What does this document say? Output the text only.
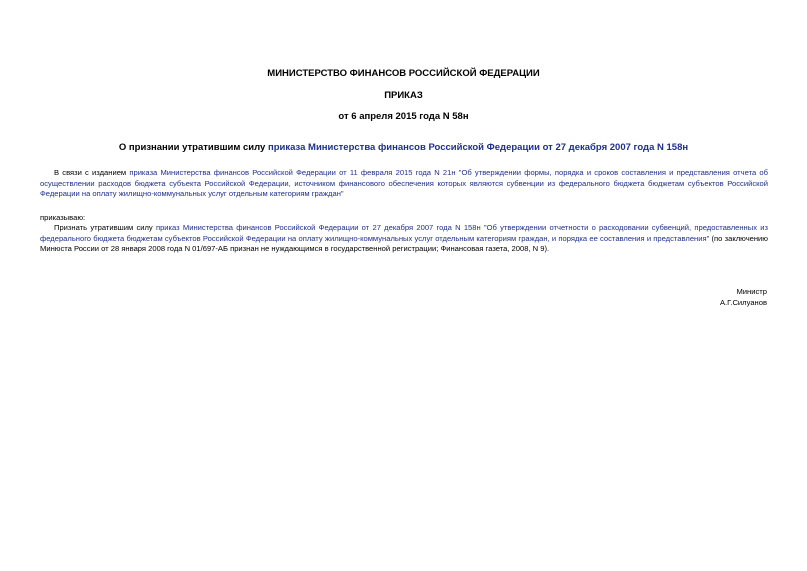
МИНИСТЕРСТВО ФИНАНСОВ РОССИЙСКОЙ ФЕДЕРАЦИИ
ПРИКАЗ
от 6 апреля 2015 года N 58н
О признании утратившим силу приказа Министерства финансов Российской Федерации от 27 декабря 2007 года N 158н

В связи с изданием приказа Министерства финансов Российской Федерации от 11 февраля 2015 года N 21н "Об утверждении формы, порядка и сроков составления и представления отчета об осуществлении расходов бюджета субъекта Российской Федерации, источником финансового обеспечения которых являются субвенции из федерального бюджета бюджетам субъектов Российской Федерации на оплату жилищно-коммунальных услуг отдельным категориям граждан"

приказываю:

Признать утратившим силу приказ Министерства финансов Российской Федерации от 27 декабря 2007 года N 158н "Об утверждении отчетности о расходовании субвенций, предоставленных из федерального бюджета бюджетам субъектов Российской Федерации на оплату жилищно-коммунальных услуг отдельным категориям граждан, и порядка ее составления и представления" (по заключению Минюста России от 28 января 2008 года N 01/697-АБ признан не нуждающимся в государственной регистрации; Финансовая газета, 2008, N 9).

Министр
А.Г.Силуанов
